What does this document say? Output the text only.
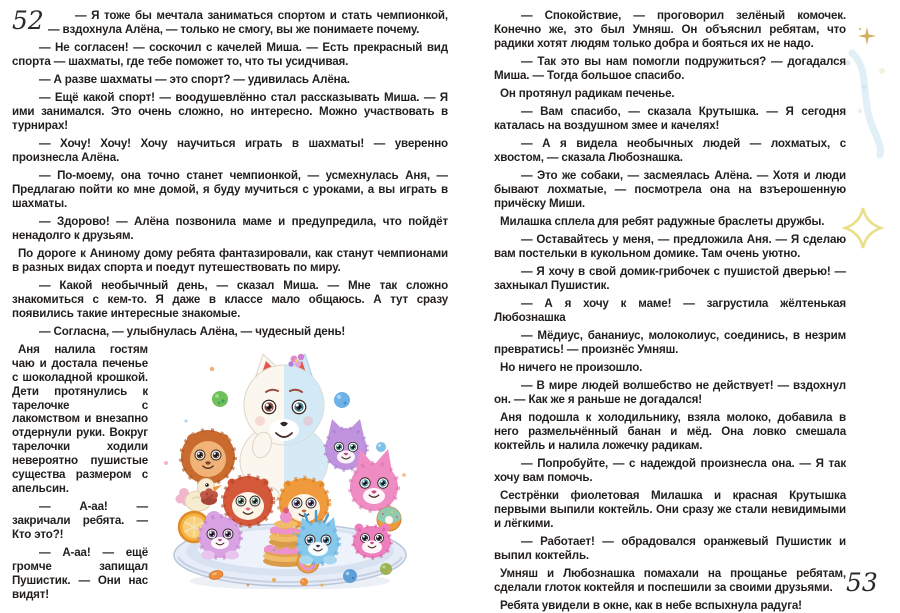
52	— Я тоже бы мечтала заниматься спортом и стать чемпионкой, — вздохнула Алёна, — только не смогу, вы же понимаете почему.

— Не согласен! — соскочил с качелей Миша. — Есть прекрасный вид спорта — шахматы, где тебе поможет то, что ты усидчивая.

— А разве шахматы — это спорт? — удивилась Алёна.

— Ещё какой спорт! — воодушевлённо стал рассказывать Миша. — Я ими занимался. Это очень сложно, но интересно. Можно участвовать в турнирах!

— Хочу! Хочу! Хочу научиться играть в шахматы! — уверенно произнесла Алёна.

— По-моему, она точно станет чемпионкой, — усмехнулась Аня, — Предлагаю пойти ко мне домой, я буду мучиться с уроками, а вы играть в шахматы.

— Здорово! — Алёна позвонила маме и предупредила, что пойдёт ненадолго к друзьям.

По дороге к Аниному дому ребята фантазировали, как станут чемпионами в разных видах спорта и поедут путешествовать по миру.

— Какой необычный день, — сказал Миша. — Мне так сложно знакомиться с кем-то. Я даже в классе мало общаюсь. А тут сразу появились такие интересные знакомые.

— Согласна, — улыбнулась Алёна, — чудесный день!

Аня налила гостям чаю и достала печенье с шоколадной крошкой. Дети протянулись к тарелочке с лакомством и внезапно отдернули руки. Вокруг тарелочки ходили невероятно пушистые существа размером с апельсин.

— А-аа! — закричали ребята. — Кто это?!

— А-аа! — ещё громче запищал Пушистик. — Они нас видят!

— Спокойствие, — проговорил зелёный комочек. Конечно же, это был Умняш. Он объяснил ребятам, что радики хотят людям только добра и бояться их не надо.

— Так это вы нам помогли подружиться? — догадался Миша. — Тогда большое спасибо.

Он протянул радикам печенье.

— Вам спасибо, — сказала Крутышка. — Я сегодня каталась на воздушном змее и качелях!

— А я видела необычных людей — лохматых, с хвостом, — сказала Любознашка.

— Это же собаки, — засмеялась Алёна. — Хотя и люди бывают лохматые, — посмотрела она на взъерошенную причёску Миши.

Милашка сплела для ребят радужные браслеты дружбы.

— Оставайтесь у меня, — предложила Аня. — Я сделаю вам постельки в кукольном домике. Там очень уютно.

— Я хочу в свой домик-грибочек с пушистой дверью! — захныкал Пушистик.

— А я хочу к маме! — загрустила жёлтенькая Любознашка

— Мёдиус, бананиус, молоколиус, соединись, в незрим превратись! — произнёс Умняш.

Но ничего не произошло.

— В мире людей волшебство не действует! — вздохнул он. — Как же я раньше не догадался!

Аня подошла к холодильнику, взяла молоко, добавила в него размельчённый банан и мёд. Она ловко смешала коктейль и налила ложечку радикам.

— Попробуйте, — с надеждой произнесла она. — Я так хочу вам помочь.

Сестрёнки фиолетовая Милашка и красная Крутышка первыми выпили коктейль. Они сразу же стали невидимыми и лёгкими.

— Работает! — обрадовался оранжевый Пушистик и выпил коктейль.

Умняш и Любознашка помахали на прощанье ребятам, сделали глоток коктейля и поспешили за своими друзьями.

Ребята увидели в окне, как в небе вспыхнула радуга!

53
